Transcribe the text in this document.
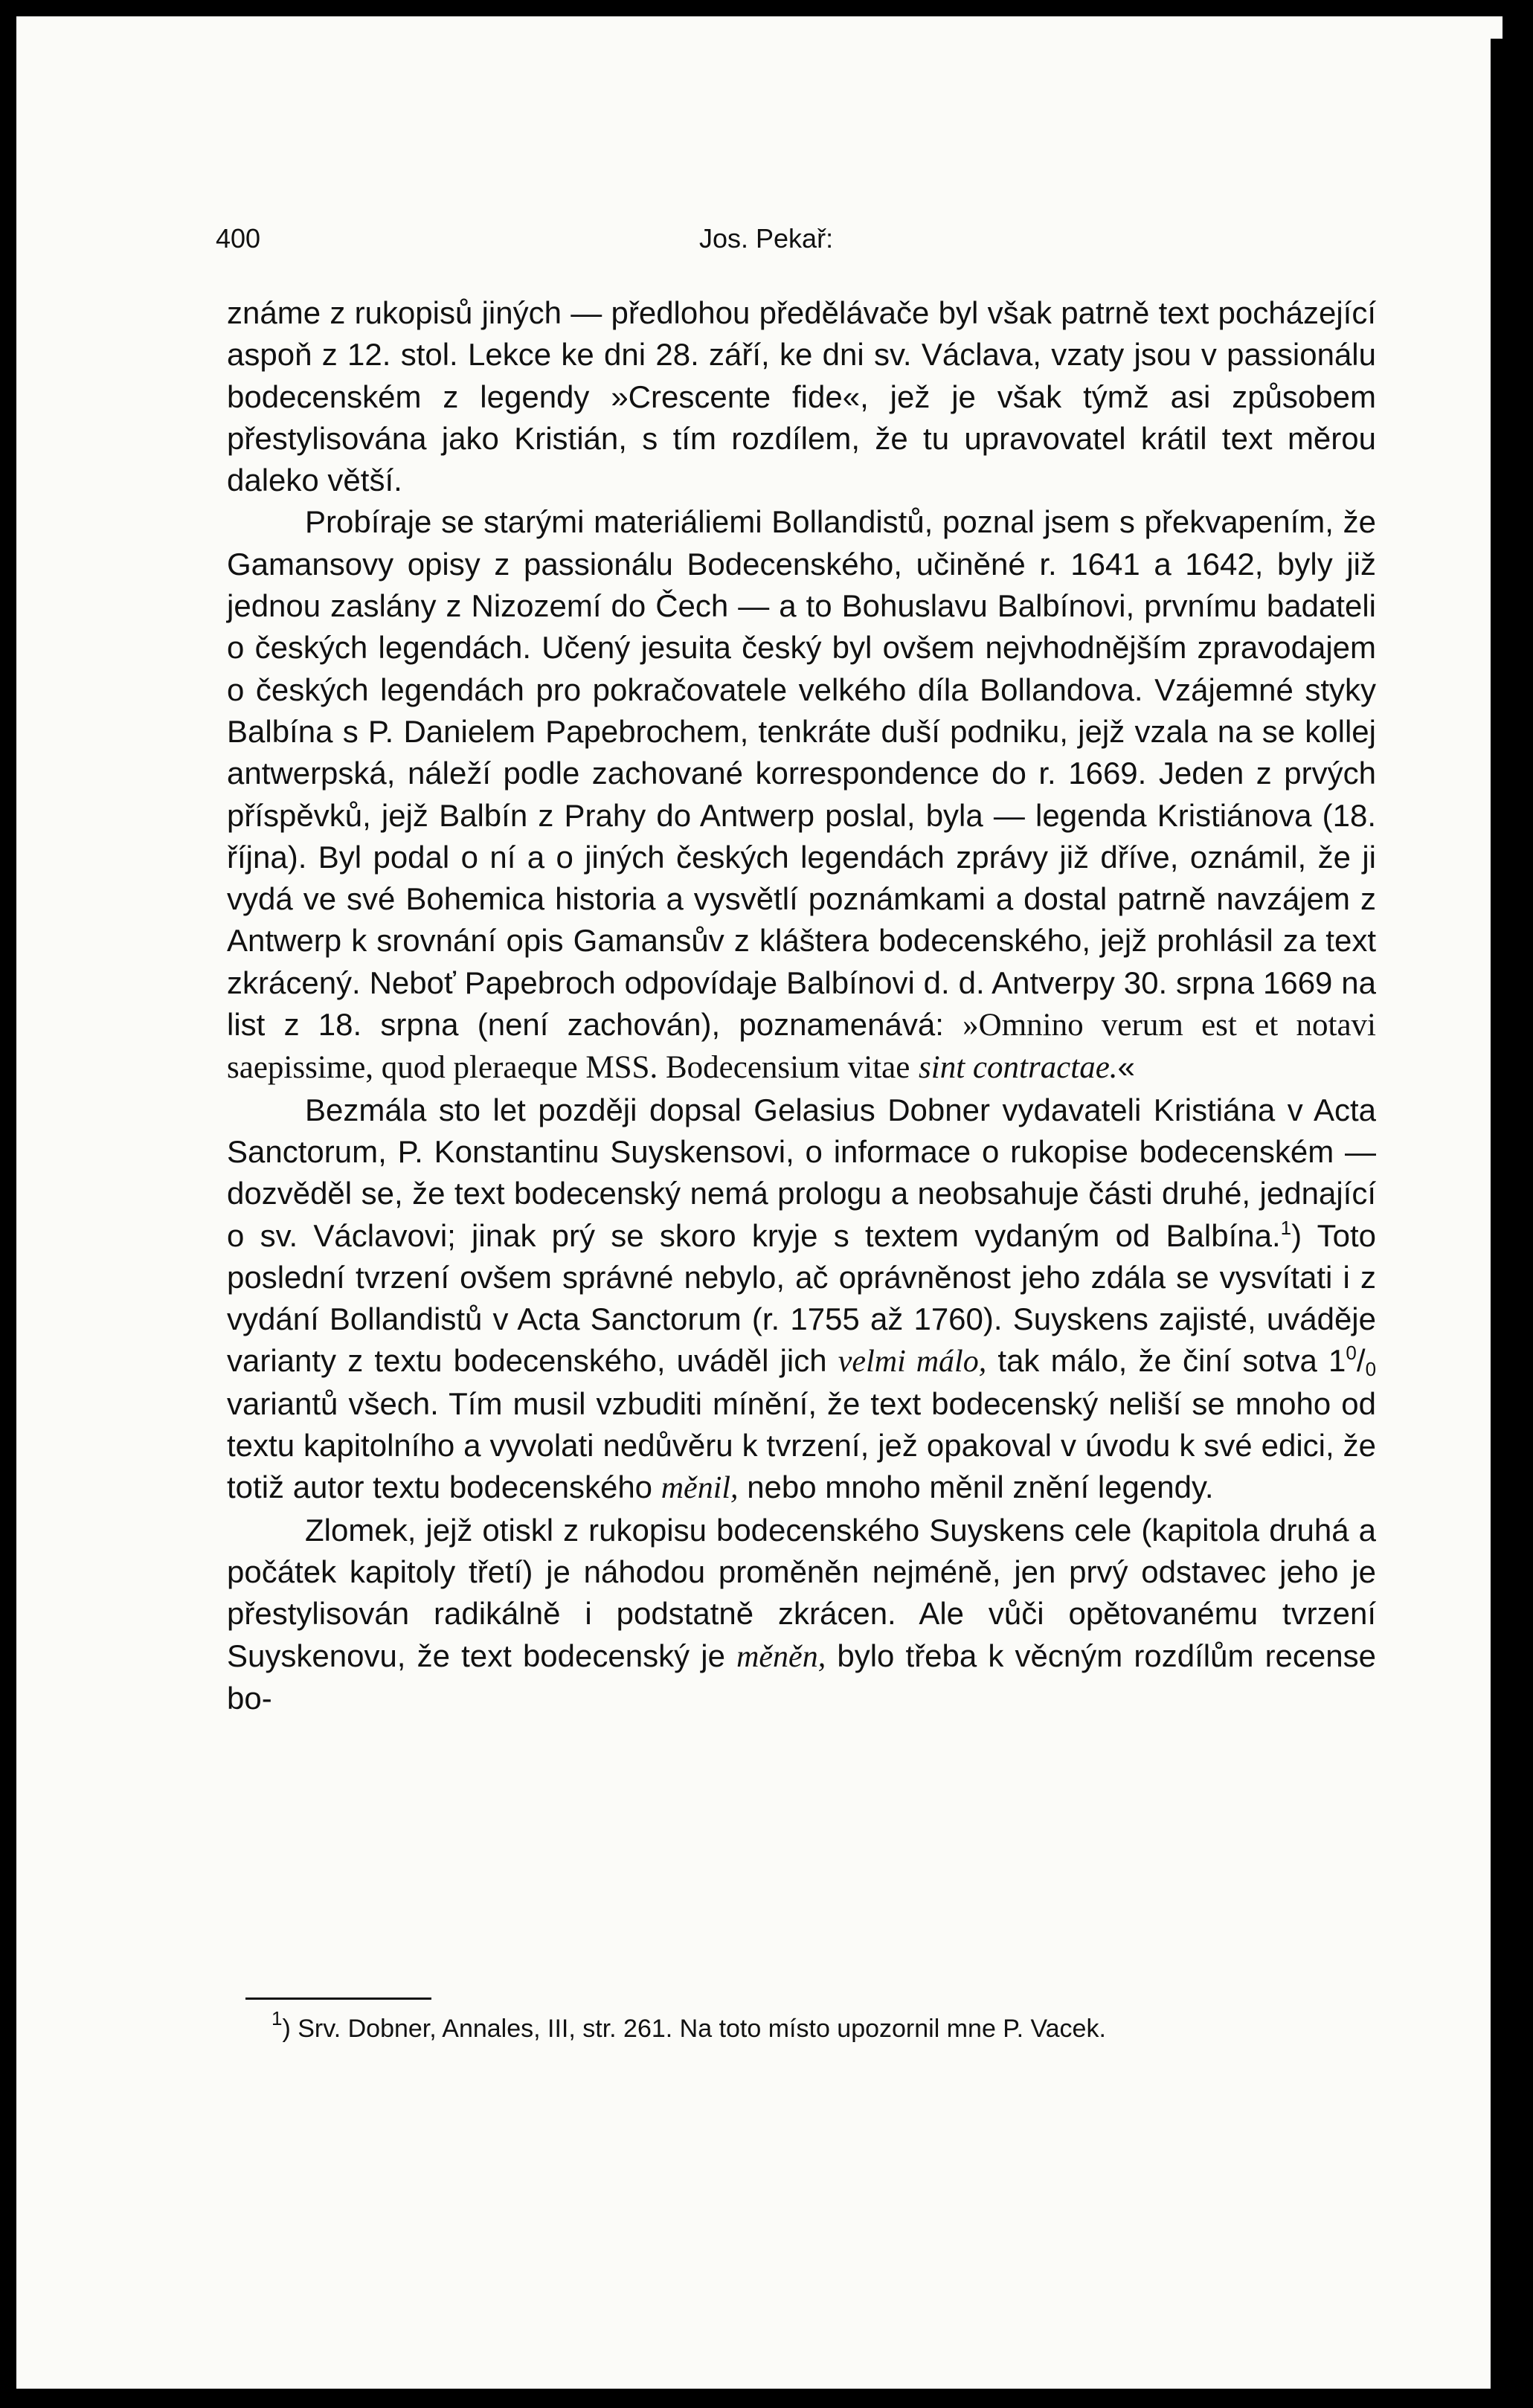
400	Jos. Pekař:

známe z rukopisů jiných — předlohou předělávače byl však patrně text pocházející aspoň z 12. stol. Lekce ke dni 28. září, ke dni sv. Václava, vzaty jsou v passionálu bodecenském z legendy »Crescente fide«, jež je však týmž asi způsobem přestylisována jako Kristián, s tím rozdílem, že tu upravovatel krátil text měrou daleko větší.

Probíraje se starými materiáliemi Bollandistů, poznal jsem s překvapením, že Gamansovy opisy z passionálu Bodecenského, učiněné r. 1641 a 1642, byly již jednou zaslány z Nizozemí do Čech — a to Bohuslavu Balbínovi, prvnímu badateli o českých legendách. Učený jesuita český byl ovšem nejvhodnějším zpravodajem o českých legendách pro pokračovatele velkého díla Bollandova. Vzájemné styky Balbína s P. Danielem Papebrochem, tenkráte duší podniku, jejž vzala na se kollej antwerpská, náleží podle zachované korrespondence do r. 1669. Jeden z prvých příspěvků, jejž Balbín z Prahy do Antwerp poslal, byla — legenda Kristiánova (18. října). Byl podal o ní a o jiných českých legendách zprávy již dříve, oznámil, že ji vydá ve své Bohemica historia a vysvětlí poznámkami a dostal patrně navzájem z Antwerp k srovnání opis Gamansův z kláštera bodecenského, jejž prohlásil za text zkrácený. Neboť Papebroch odpovídaje Balbínovi d. d. Antverpy 30. srpna 1669 na list z 18. srpna (není zachován), poznamenává: »Omnino verum est et notavi saepissime, quod pleraeque MSS. Bodecensium vitae sint contractae.«

Bezmála sto let později dopsal Gelasius Dobner vydavateli Kristiána v Acta Sanctorum, P. Konstantinu Suyskensovi, o informace o rukopise bodecenském — dozvěděl se, že text bodecenský nemá prologu a neobsahuje části druhé, jednající o sv. Václavovi; jinak prý se skoro kryje s textem vydaným od Balbína.$^1$) Toto poslední tvrzení ovšem správné nebylo, ač oprávněnost jeho zdála se vysvítati i z vydání Bollandistů v Acta Sanctorum (r. 1755 až 1760). Suyskens zajisté, uváděje varianty z textu bodecenského, uváděl jich velmi málo, tak málo, že činí sotva $1^0/_0$ variantů všech. Tím musil vzbuditi mínění, že text bodecenský neliší se mnoho od textu kapitolního a vyvolati nedůvěru k tvrzení, jež opakoval v úvodu k své edici, že totiž autor textu bodecenského měnil, nebo mnoho měnil znění legendy.

Zlomek, jejž otiskl z rukopisu bodecenského Suyskens cele (kapitola druhá a počátek kapitoly třetí) je náhodou proměněn nejméně, jen prvý odstavec jeho je přestylisován radikálně i podstatně zkrácen. Ale vůči opětovanému tvrzení Suyskenovu, že text bodecenský je měněn, bylo třeba k věcným rozdílům recense bo-

$^1$) Srv. Dobner, Annales, III, str. 261. Na toto místo upozornil mne P. Vacek.
